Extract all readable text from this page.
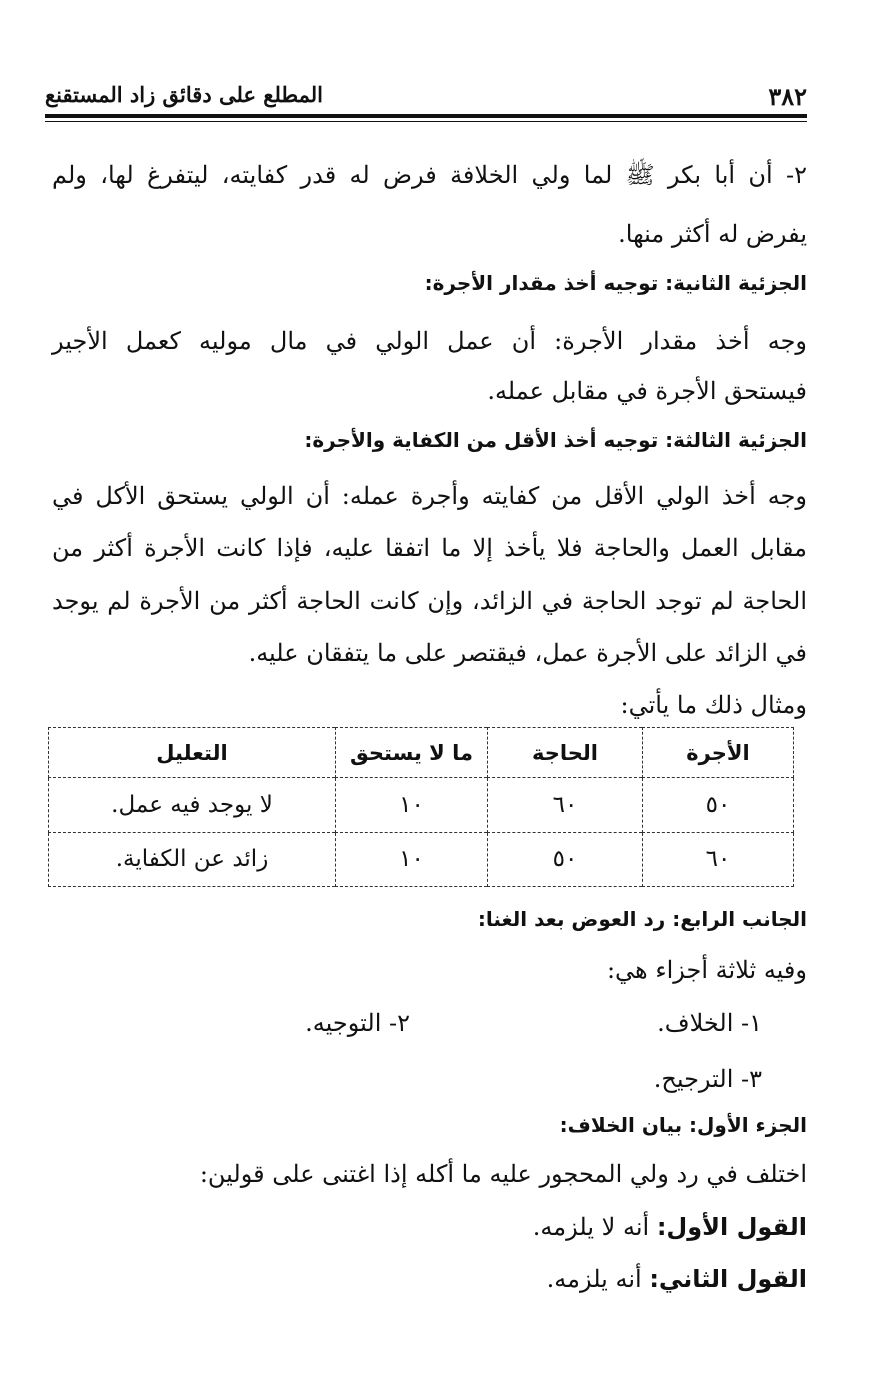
٣٨٢
المطلع على دقائق زاد المستقنع
٢- أن أبا بكر ﷺ لما ولي الخلافة فرض له قدر كفايته، ليتفرغ لها، ولم
يفرض له أكثر منها.
الجزئية الثانية: توجيه أخذ مقدار الأجرة:
وجه أخذ مقدار الأجرة: أن عمل الولي في مال موليه كعمل الأجير
فيستحق الأجرة في مقابل عمله.
الجزئية الثالثة: توجيه أخذ الأقل من الكفاية والأجرة:
وجه أخذ الولي الأقل من كفايته وأجرة عمله: أن الولي يستحق الأكل في
مقابل العمل والحاجة فلا يأخذ إلا ما اتفقا عليه، فإذا كانت الأجرة أكثر من
الحاجة لم توجد الحاجة في الزائد، وإن كانت الحاجة أكثر من الأجرة لم يوجد
في الزائد على الأجرة عمل، فيقتصر على ما يتفقان عليه.
ومثال ذلك ما يأتي:
الأجرة	الحاجة	ما لا يستحق	التعليل
٥٠	٦٠	١٠	لا يوجد فيه عمل.
٦٠	٥٠	١٠	زائد عن الكفاية.
الجانب الرابع: رد العوض بعد الغنا:
وفيه ثلاثة أجزاء هي:
١- الخلاف.
٢- التوجيه.
٣- الترجيح.
الجزء الأول: بيان الخلاف:
اختلف في رد ولي المحجور عليه ما أكله إذا اغتنى على قولين:
القول الأول: أنه لا يلزمه.
القول الثاني: أنه يلزمه.
